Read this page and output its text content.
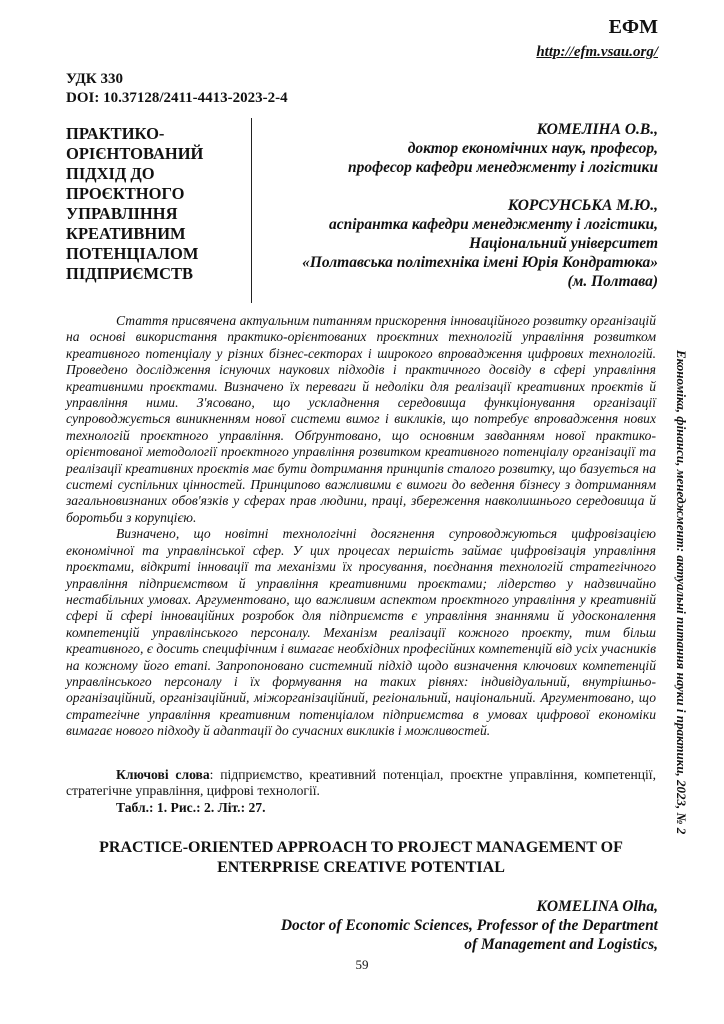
ЕФМ
http://efm.vsau.org/
УДК 330
DOI: 10.37128/2411-4413-2023-2-4
ПРАКТИКО-
ОРІЄНТОВАНИЙ
ПІДХІД ДО
ПРОЄКТНОГО
УПРАВЛІННЯ
КРЕАТИВНИМ
ПОТЕНЦІАЛОМ
ПІДПРИЄМСТВ
КОМЕЛІНА О.В.,
доктор економічних наук, професор,
професор кафедри менеджменту і логістики
КОРСУНСЬКА М.Ю.,
аспірантка кафедри менеджменту і логістики,
Національний університет
«Полтавська політехніка імені Юрія Кондратюка»
(м. Полтава)

Стаття присвячена актуальним питанням прискорення інноваційного розвитку організацій на основі використання практико-орієнтованих проєктних технологій управління розвитком креативного потенціалу у різних бізнес-секторах і широкого впровадження цифрових технологій. Проведено дослідження існуючих наукових підходів і практичного досвіду в сфері управління креативними проєктами. Визначено їх переваги й недоліки для реалізації креативних проєктів й управління ними. З'ясовано, що ускладнення середовища функціонування організації супроводжується виникненням нової системи вимог і викликів, що потребує впровадження нових технологій проєктного управління. Обґрунтовано, що основним завданням нової практико-орієнтованої методології проєктного управління розвитком креативного потенціалу організації та реалізації креативних проєктів має бути дотримання принципів сталого розвитку, що базується на системі суспільних цінностей. Принципово важливими є вимоги до ведення бізнесу з дотриманням загальновизнаних обов'язків у сферах прав людини, праці, збереження навколишнього середовища й боротьби з корупцією.

Визначено, що новітні технологічні досягнення супроводжуються цифровізацією економічної та управлінської сфер. У цих процесах першість займає цифровізація управління проєктами, відкриті інновації та механізми їх просування, поєднання технологій стратегічного управління підприємством й управління креативними проєктами; лідерство у надзвичайно нестабільних умовах. Аргументовано, що важливим аспектом проєктного управління у креативній сфері й сфері інноваційних розробок для підприємств є управління знаннями й удосконалення компетенцій управлінського персоналу. Механізм реалізації кожного проєкту, тим більш креативного, є досить специфічним і вимагає необхідних професійних компетенцій від усіх учасників на кожному його етапі. Запропоновано системний підхід щодо визначення ключових компетенцій управлінського персоналу і їх формування на таких рівнях: індивідуальний, внутрішньо-організаційний, організаційний, міжорганізаційний, регіональний, національний. Аргументовано, що стратегічне управління креативним потенціалом підприємства в умовах цифрової економіки вимагає нового підходу й адаптації до сучасних викликів і можливостей.

Ключові слова: підприємство, креативний потенціал, проєктне управління, компетенції, стратегічне управління, цифрові технології.

Табл.: 1. Рис.: 2. Літ.: 27.

PRACTICE-ORIENTED APPROACH TO PROJECT MANAGEMENT OF ENTERPRISE CREATIVE POTENTIAL
KOMELINA Olha,
Doctor of Economic Sciences, Professor of the Department
of Management and Logistics,
59
Економіка, фінанси, менеджмент: актуальні питання науки і практики, 2023, № 2
